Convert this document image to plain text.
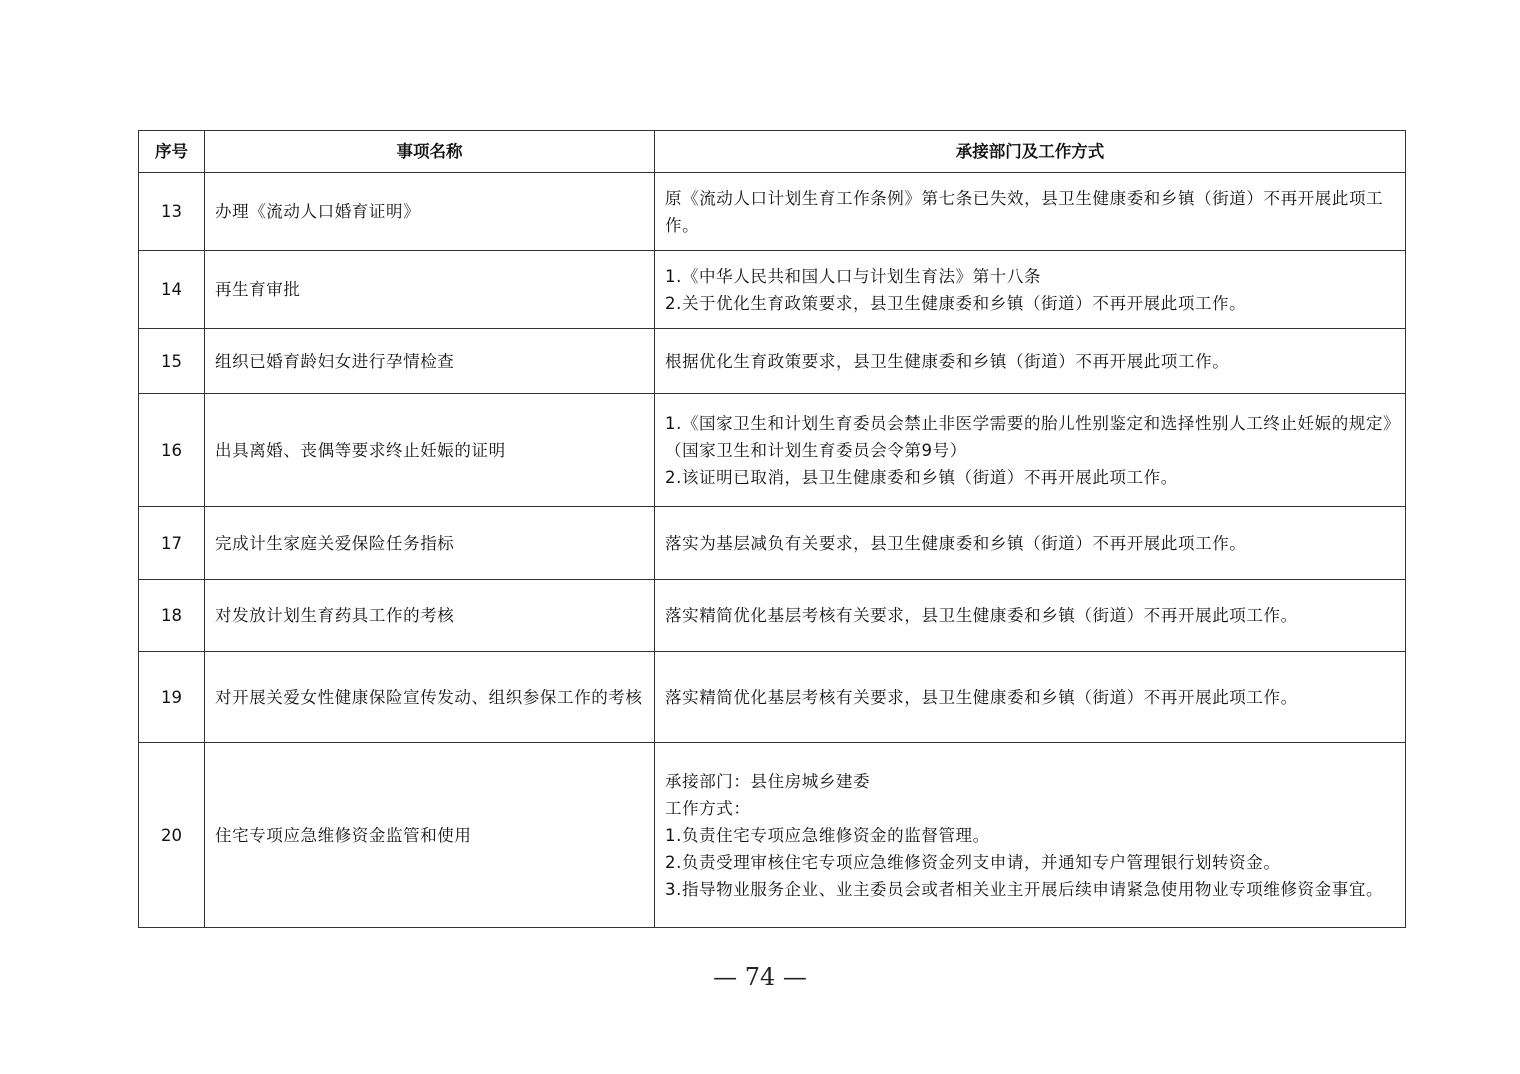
序号	事项名称	承接部门及工作方式
13	办理《流动人口婚育证明》	原《流动人口计划生育工作条例》第七条已失效，县卫生健康委和乡镇（街道）不再开展此项工作。

14	再生育审批	1.《中华人民共和国人口与计划生育法》第十八条
2.关于优化生育政策要求，县卫生健康委和乡镇（街道）不再开展此项工作。

15	组织已婚育龄妇女进行孕情检查	根据优化生育政策要求，县卫生健康委和乡镇（街道）不再开展此项工作。

16	出具离婚、丧偶等要求终止妊娠的证明	1.《国家卫生和计划生育委员会禁止非医学需要的胎儿性别鉴定和选择性别人工终止妊娠的规定》（国家卫生和计划生育委员会令第9号）
2.该证明已取消，县卫生健康委和乡镇（街道）不再开展此项工作。

17	完成计生家庭关爱保险任务指标	落实为基层减负有关要求，县卫生健康委和乡镇（街道）不再开展此项工作。

18	对发放计划生育药具工作的考核	落实精简优化基层考核有关要求，县卫生健康委和乡镇（街道）不再开展此项工作。

19	对开展关爱女性健康保险宣传发动、组织参保工作的考核	落实精简优化基层考核有关要求，县卫生健康委和乡镇（街道）不再开展此项工作。

20	住宅专项应急维修资金监管和使用	承接部门：县住房城乡建委
工作方式：
1.负责住宅专项应急维修资金的监督管理。
2.负责受理审核住宅专项应急维修资金列支申请，并通知专户管理银行划转资金。
3.指导物业服务企业、业主委员会或者相关业主开展后续申请紧急使用物业专项维修资金事宜。
— 74 —
